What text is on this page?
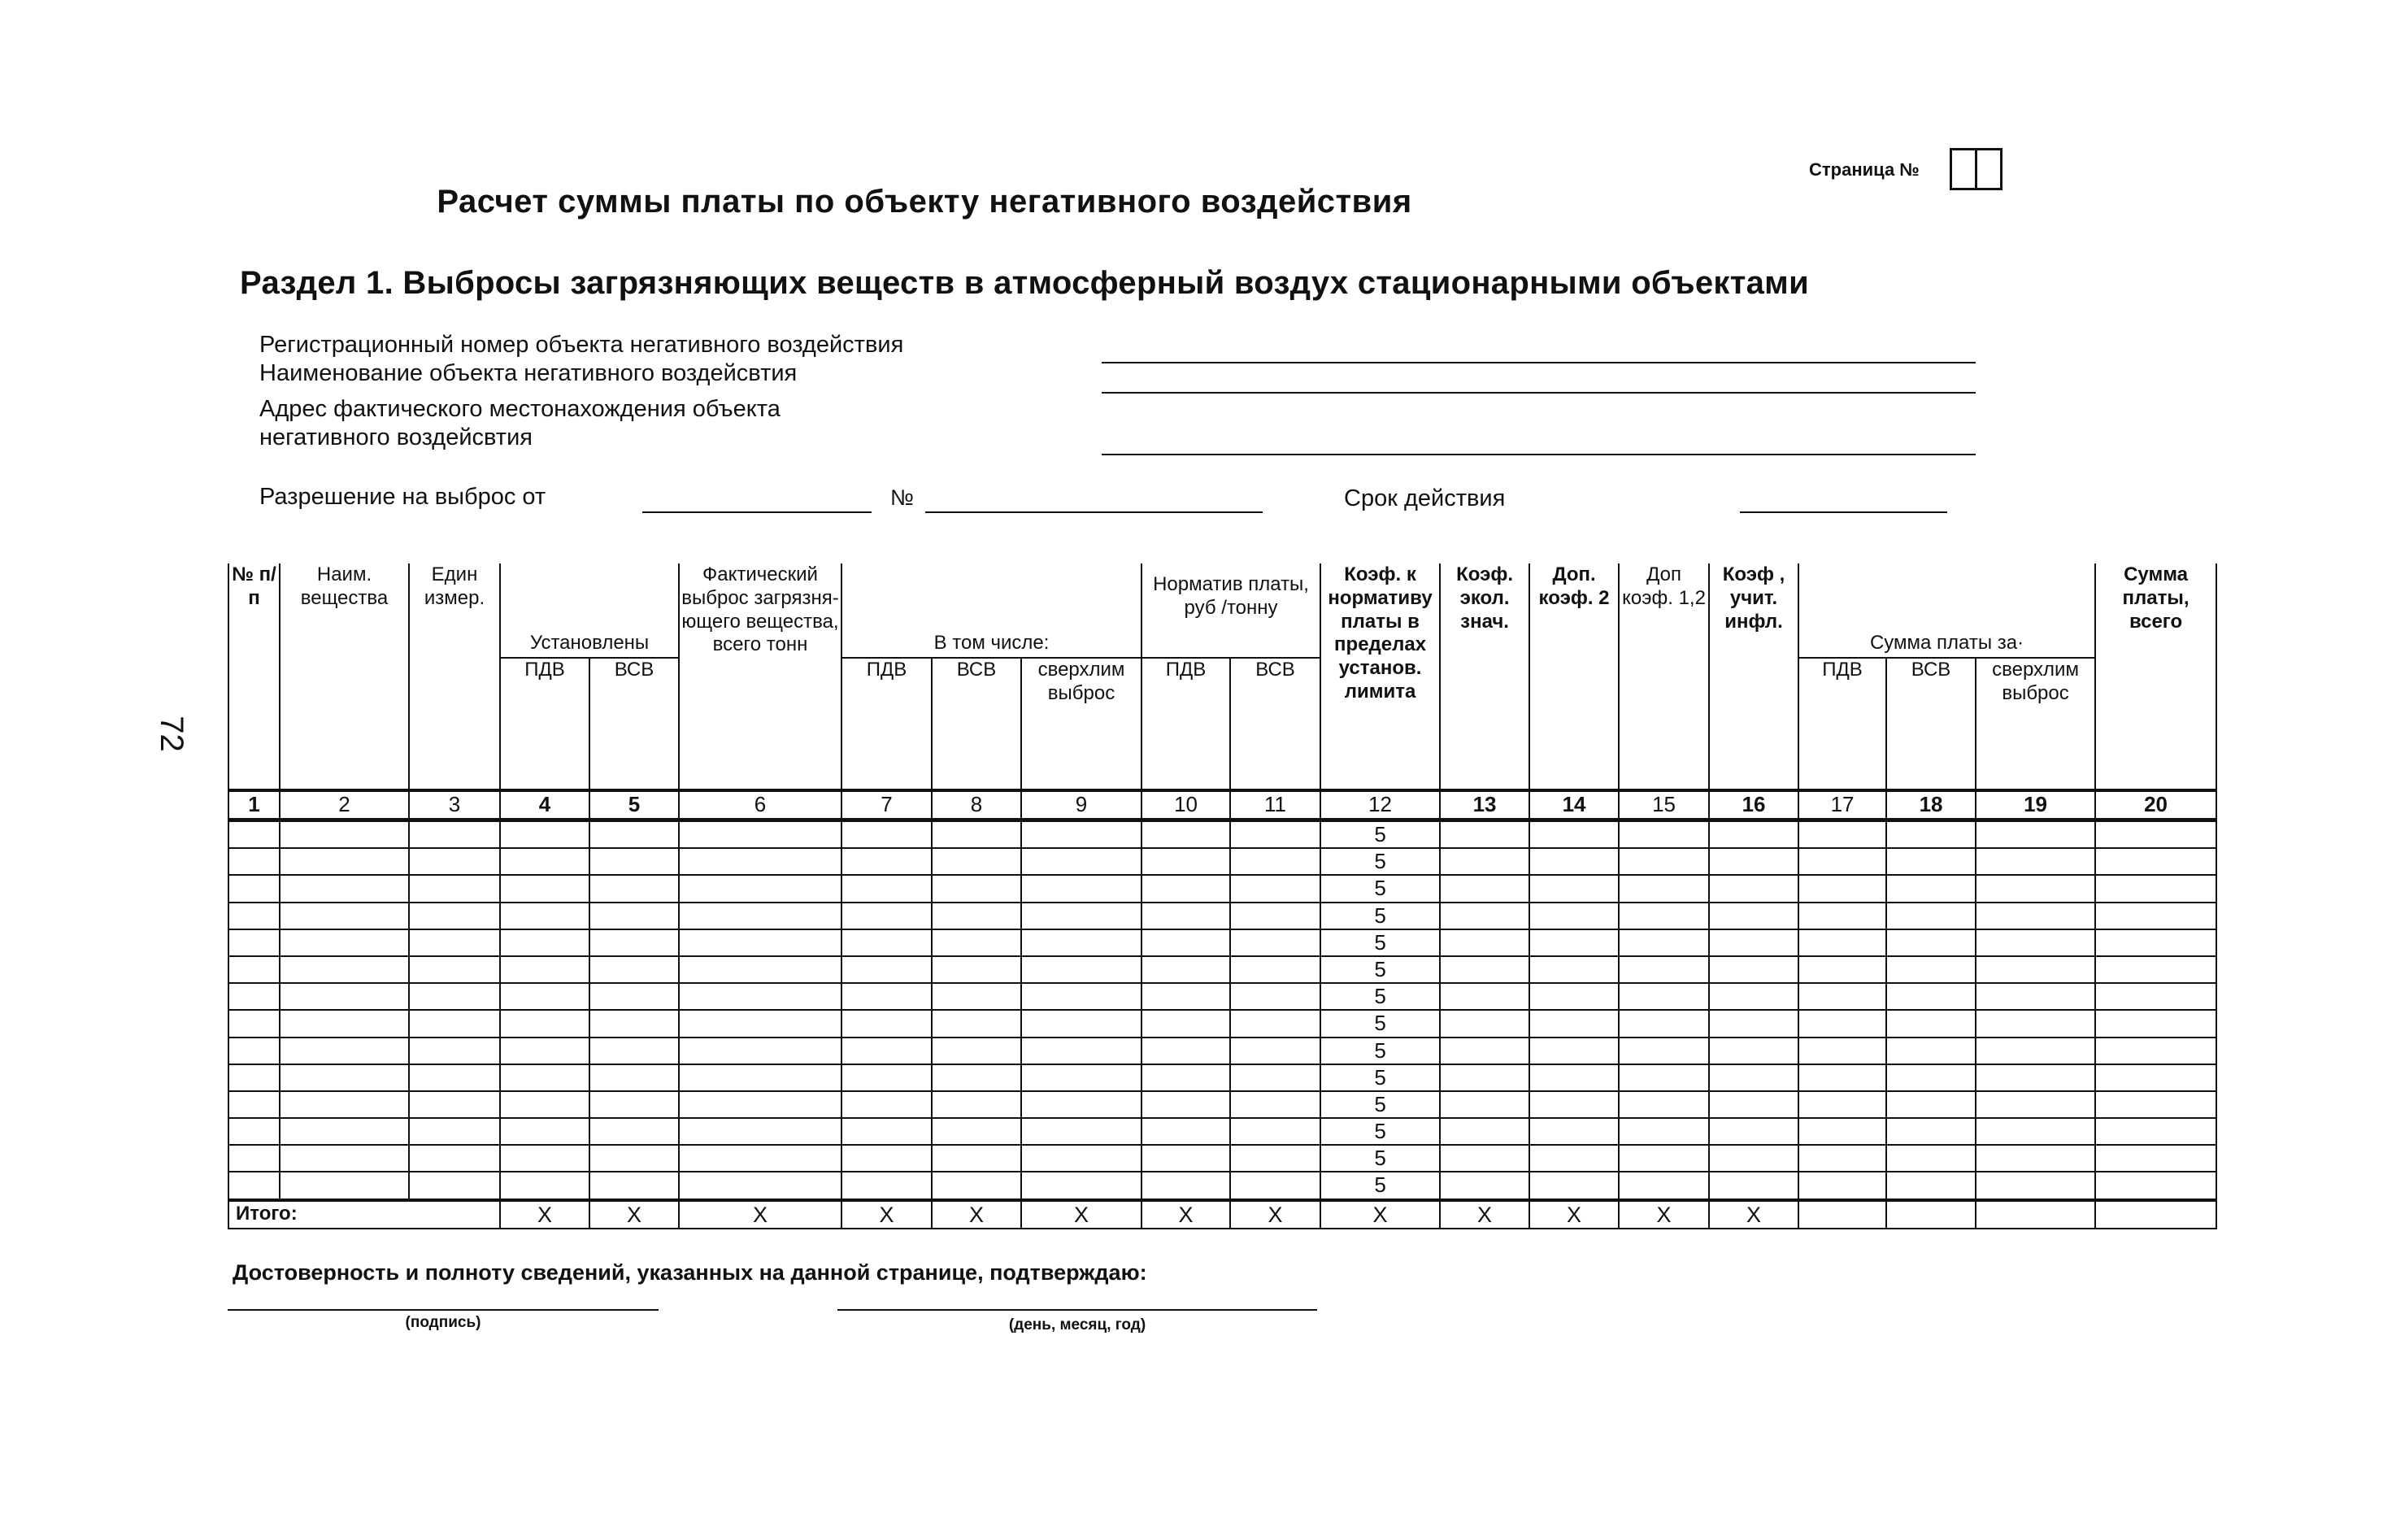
Страница №
Расчет суммы платы по объекту негативного воздействия
Раздел 1. Выбросы загрязняющих веществ в атмосферный воздух стационарными объектами
Регистрационный номер объекта негативного воздействия
Наименование объекта негативного воздейсвтия
Адрес фактического местонахождения объекта
негативного воздейсвтия
Разрешение на выброс от	№	Срок действия
72
№ п/п	Наим. вещества	Един измер.	Установлены		Фактический выброс загрязня-ющего вещества, всего тонн	В том числе:			Норматив платы, руб /тонну		Коэф. к нормативу платы в пределах установ. лимита	Коэф. экол. знач.	Доп. коэф. 2	Доп коэф. 1,2	Коэф , учит. инфл.	Сумма платы за·			Сумма платы, всего
			ПДВ	ВСВ		ПДВ	ВСВ	сверхлим выброс	ПДВ	ВСВ						ПДВ	ВСВ	сверхлим выброс	
1	2	3	4	5	6	7	8	9	10	11	12	13	14	15	16	17	18	19	20
											5								
											5								
											5								
											5								
											5								
											5								
											5								
											5								
											5								
											5								
											5								
											5								
											5								
											5								
Итого:			X	X	X	X	X	X	X	X	X	X	X	X	X				
Достоверность и полноту сведений, указанных на данной странице, подтверждаю:
(подпись)	(день, месяц, год)
